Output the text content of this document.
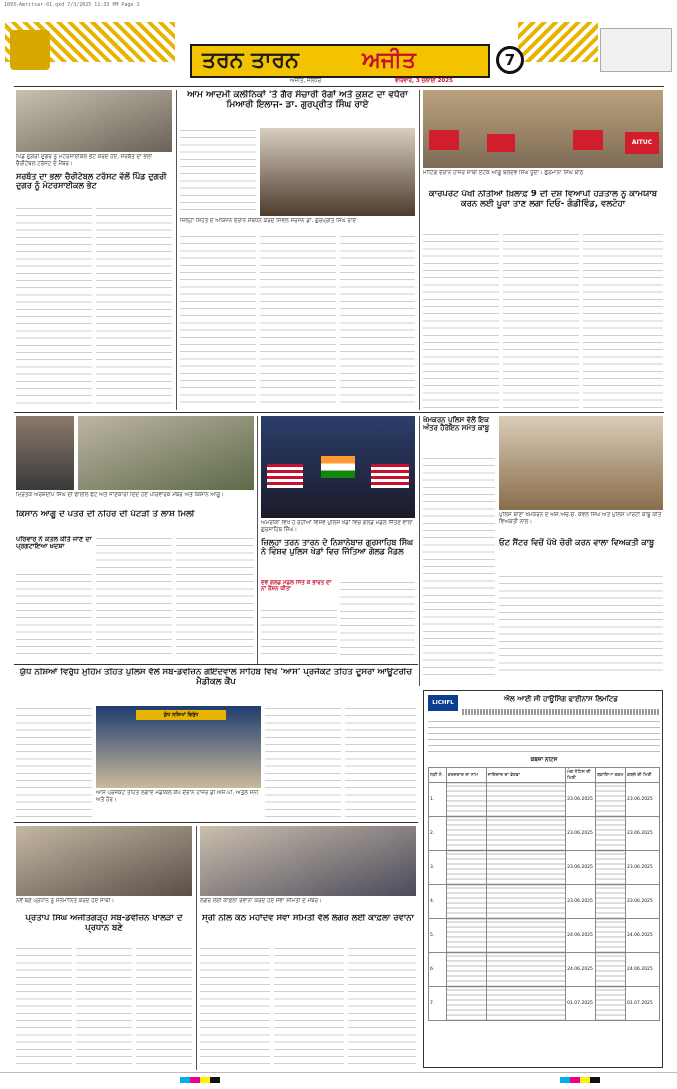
1093-Amritsar-01.qxd 7/3/2025 11:33 PM Page 1
ਤਰਨ ਤਾਰਨ	ਅਜੀਤ	7
ਅਜੀਤ, ਜਲੰਧਰ	ਵੀਰਵਾਰ, 3 ਜੁਲਾਈ 2025
ਪਿੰਡ ਦੁਗਰੀ ਦੁਗਰ ਨੂੰ ਮੋਟਰਸਾਈਕਲ ਭੇਟ ਕਰਦੇ ਹੋਏ, ਸਰਬੱਤ ਦਾ ਭਲਾ ਚੈਰੀਟੇਬਲ ਟਰੱਸਟ ਦੇ ਮੈਂਬਰ।
ਸਰਬੱਤ ਦਾ ਭਲਾ ਚੈਰੀਟੇਬਲ ਟਰੱਸਟ ਵੱਲੋਂ ਪਿੰਡ ਦੁਗਰੀ ਦੁਗਰ ਨੂੰ ਮੋਟਰਸਾਈਕਲ ਭੇਟ
ਆਮ ਆਦਮੀ ਕਲੀਨਿਕਾਂ 'ਤੇ ਗੈਰ ਸੰਚਾਰੀ ਰੋਗਾਂ ਅਤੇ ਕੁਸ਼ਟ ਦਾ ਵਧੇਰਾ ਮਿਆਰੀ ਇਲਾਜ- ਡਾ. ਗੁਰਪ੍ਰੀਤ ਸਿੰਘ ਰਾਏ
ਜ਼ਿਲ੍ਹਾ ਸਿਹਤ ਦੇ ਆਯੋਜਨ ਦੌਰਾਨ ਸੰਬੋਧਨ ਕਰਦੇ ਸਿਵਲ ਸਰਜਨ ਡਾ. ਗੁਰਪ੍ਰੀਤ ਸਿੰਘ ਰਾਏ
AITUC
ਮੀਟਿੰਗ ਦੌਰਾਨ ਹਾਜ਼ਰ ਸਾਥੀ ਏਟਕ ਆਗੂ ਬਲਦੇਵ ਸਿੰਘ ਧੂੰਦਾ। ਫੁਰਮਾਨਾ ਸਿੰਘ ਬਾਠ
ਕਾਰਪੋਰੇਟ ਪੱਖੀ ਨੀਤੀਆਂ ਖ਼ਿਲਾਫ਼ 9 ਦੀ ਦੇਸ਼ ਵਿਆਪੀ ਹੜਤਾਲ ਨੂੰ ਕਾਮਯਾਬ ਕਰਨ ਲਈ ਪੂਰਾ ਤਾਣ ਲਗਾ ਦਿਓ- ਗੰਡੀਵਿੰਡ, ਵਲਟੋਹਾ
ਮ੍ਰਿਤਕ ਅਰਸ਼ਦੀਪ ਸਿੰਘ ਦੀ ਫਾਈਲ ਫੋਟੋ ਅਤੇ ਜਾਣਕਾਰੀ ਦਿੰਦੇ ਹੋਏ ਪਰਿਵਾਰਕ ਮੈਂਬਰ ਅਤੇ ਕਿਸਾਨ ਆਗੂ।
ਕਿਸਾਨ ਆਗੂ ਦੇ ਪੋਤਰੇ ਦੀ ਨਹਿਰ ਦੀ ਪੱਟੜੀ ਤੋਂ ਲਾਸ਼ ਮਿਲੀ
ਪਰਿਵਾਰ ਨੇ ਕਤਲ ਕੀਤੇ ਜਾਣ ਦਾ ਪ੍ਰਗਟਾਇਆ ਖ਼ਦਸ਼ਾ
ਅਮਰੀਕਾ ਵਿਖੇ ਹੋ ਰਹੀਆਂ ਵਿਸ਼ਵ ਪੁਲਿਸ ਖੇਡਾਂ ਵਿਚ ਗੋਲਡ ਮੈਡਲ ਜਿੱਤਣ ਵਾਲਾ ਗੁਰਸਾਹਿਬ ਸਿੰਘ।
ਜ਼ਿਲ੍ਹਾ ਤਰਨ ਤਾਰਨ ਦੇ ਨਿਸ਼ਾਨੇਬਾਜ਼ ਗੁਰਸਾਹਿਬ ਸਿੰਘ ਨੇ ਵਿਸ਼ਵ ਪੁਲਿਸ ਖੇਡਾਂ ਵਿਚ ਜਿੱਤਿਆ ਗੋਲਡ ਮੈਡਲ
ਦੋਵੇਂ ਗੋਲਡ ਮੈਡਲ ਜਿੱਤ ਕੇ ਭਾਰਤ ਦਾ ਨਾਂ ਰੌਸ਼ਨ ਕੀਤਾ
ਖੇਮਕਰਨ ਪੁਲਿਸ ਵੱਲੋਂ ਇਕ ਅੰਤਰ ਹੈਰੋਇਨ ਸਮੇਤ ਕਾਬੂ
ਪੁਲਿਸ ਥਾਣਾ ਖੇਮਕਰਨ ਦੇ ਐਸ.ਐਚ.ਓ. ਕੇਵਲ ਸਿੰਘ ਅਤੇ ਪੁਲਿਸ ਪਾਰਟੀ ਕਾਬੂ ਕੀਤੇ ਵਿਅਕਤੀ ਨਾਲ।
ਓਟ ਸੈਂਟਰ ਵਿਚੋਂ ਪੱਖੇ ਚੋਰੀ ਕਰਨ ਵਾਲਾ ਵਿਅਕਤੀ ਕਾਬੂ
ਯੁੱਧ ਨਸ਼ਿਆਂ ਵਿਰੁੱਧ ਮੁਹਿੰਮ ਤਹਿਤ ਪੁਲਿਸ ਵੱਲੋਂ ਸਬ-ਡਵੀਜ਼ਨ ਗੋਇੰਦਵਾਲ ਸਾਹਿਬ ਵਿਖੇ 'ਆਸ' ਪ੍ਰੋਜੈਕਟ ਤਹਿਤ ਦੂਸਰਾ ਆਊਟਰੀਚ ਮੈਡੀਕਲ ਕੈਂਪ
ਯੁੱਧ ਨਸ਼ਿਆਂ ਵਿਰੁੱਧ
ਆਸ ਪ੍ਰੋਜੈਕਟ ਤਹਿਤ ਲਗਾਏ ਮੈਡੀਕਲ ਕੈਂਪ ਦੌਰਾਨ ਹਾਜ਼ਰ ਡੀ.ਐਸ.ਪੀ. ਅਤੁਲ ਸੋਨੀ ਅਤੇ ਹੋਰ।
ਨਵੇਂ ਬਣੇ ਪ੍ਰਧਾਨ ਨੂੰ ਸਨਮਾਨਿਤ ਕਰਦੇ ਹੋਏ ਸਾਥੀ।
ਪ੍ਰਤਾਪ ਸਿੰਘ ਅਜੀਤਗੜ੍ਹ ਸਬ-ਡਵੀਜ਼ਨ ਖਾਲੜਾ ਦੇ ਪ੍ਰਧਾਨ ਬਣੇ
ਲੰਗਰ ਲਈ ਕਾਫ਼ਲਾ ਰਵਾਨਾ ਕਰਦੇ ਹੋਏ ਸੇਵਾ ਸਮਿਤੀ ਦੇ ਮੈਂਬਰ।
ਸ੍ਰੀ ਨੀਲ ਕੰਠ ਮਹਾਂਦੇਵ ਸੇਵਾ ਸਮਿਤੀ ਵੱਲੋਂ ਲੰਗਰ ਲਈ ਕਾਫ਼ਲਾ ਰਵਾਨਾ
LICHFL	ਐਲ ਆਈ ਸੀ ਹਾਊਸਿੰਗ ਫਾਈਨਾਂਸ ਲਿਮਟਿਡ
ਕਬਜ਼ਾ ਨੋਟਿਸ
ਲੜੀ ਨੰ.	ਕਰਜ਼ਦਾਰ ਦਾ ਨਾਮ	ਜਾਇਦਾਦ ਦਾ ਵੇਰਵਾ	ਮੰਗ ਨੋਟਿਸ ਦੀ ਮਿਤੀ	ਬਕਾਇਆ ਰਕਮ	ਕਬਜ਼ੇ ਦੀ ਮਿਤੀ
1.			23.06.2025		23.06.2025
2.			23.06.2025		23.06.2025
3.			23.06.2025		23.06.2025
4.			23.06.2025		23.06.2025
5.			24.06.2025		24.06.2025
6.			24.06.2025		24.06.2025
7.			01.07.2025		01.07.2025
